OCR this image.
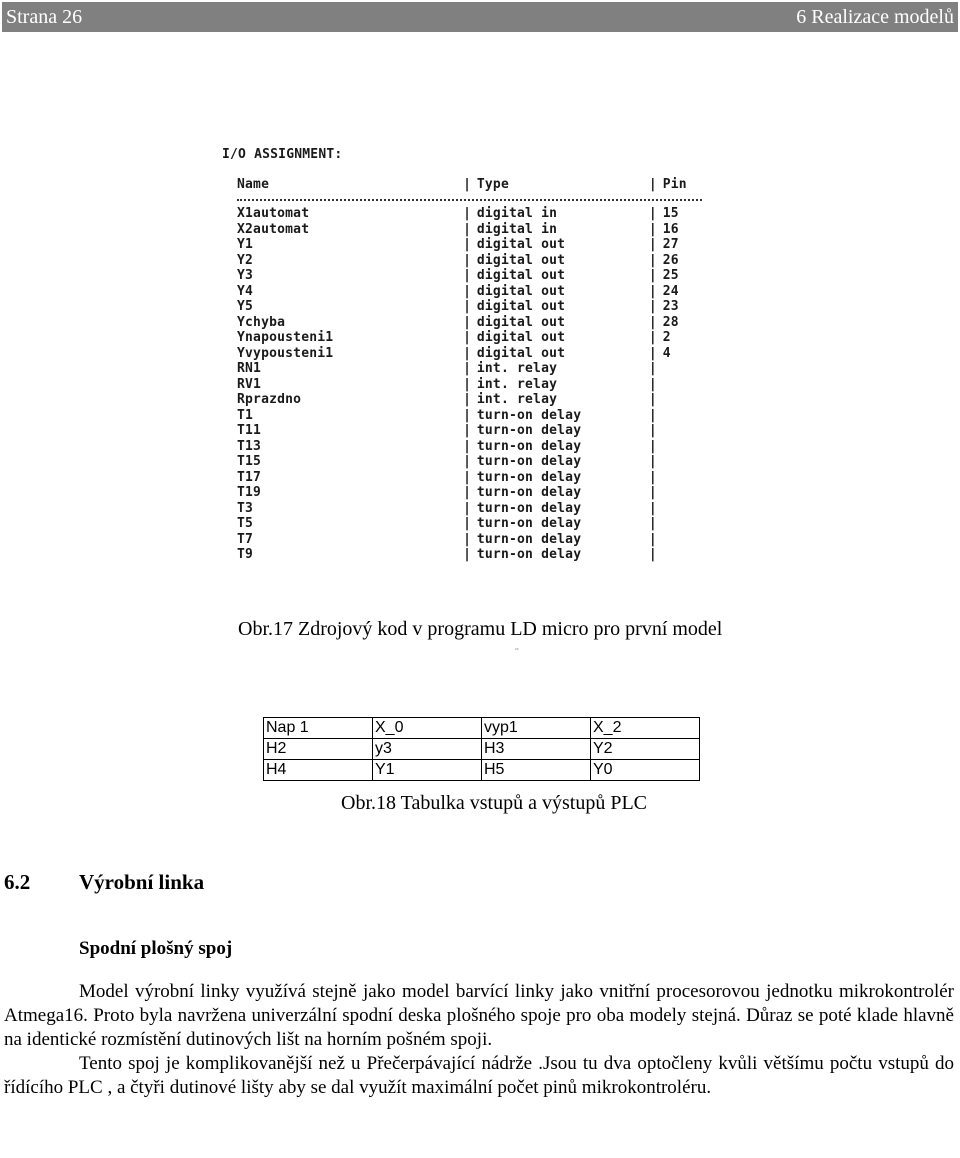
Strana 26	6 Realizace modelů
I/O ASSIGNMENT:
Name	| Type	| Pin
X1automat	| digital in	| 15
X2automat	| digital in	| 16
Y1	| digital out	| 27
Y2	| digital out	| 26
Y3	| digital out	| 25
Y4	| digital out	| 24
Y5	| digital out	| 23
Ychyba	| digital out	| 28
Ynapousteni1	| digital out	| 2
Yvypousteni1	| digital out	| 4
RN1	| int. relay	|
RV1	| int. relay	|
Rprazdno	| int. relay	|
T1	| turn-on delay	|
T11	| turn-on delay	|
T13	| turn-on delay	|
T15	| turn-on delay	|
T17	| turn-on delay	|
T19	| turn-on delay	|
T3	| turn-on delay	|
T5	| turn-on delay	|
T7	| turn-on delay	|
T9	| turn-on delay	|
Obr.17 Zdrojový kod v programu LD micro pro první model
¨
Nap 1	X_0	vyp1	X_2
H2	y3	H3	Y2
H4	Y1	H5	Y0
Obr.18 Tabulka vstupů a výstupů PLC
6.2 Výrobní linka
Spodní plošný spoj

Model výrobní linky využívá stejně jako model barvící linky jako vnitřní procesorovou jednotku mikrokontrolér Atmega16. Proto byla navržena univerzální spodní deska plošného spoje pro oba modely stejná. Důraz se poté klade hlavně na identické rozmístění dutinových lišt na horním pošném spoji.

Tento spoj je komplikovanější než u Přečerpávající nádrže .Jsou tu dva optočleny kvůli většímu počtu vstupů do řídícího PLC , a čtyři dutinové lišty aby se dal využít maximální počet pinů mikrokontroléru.
